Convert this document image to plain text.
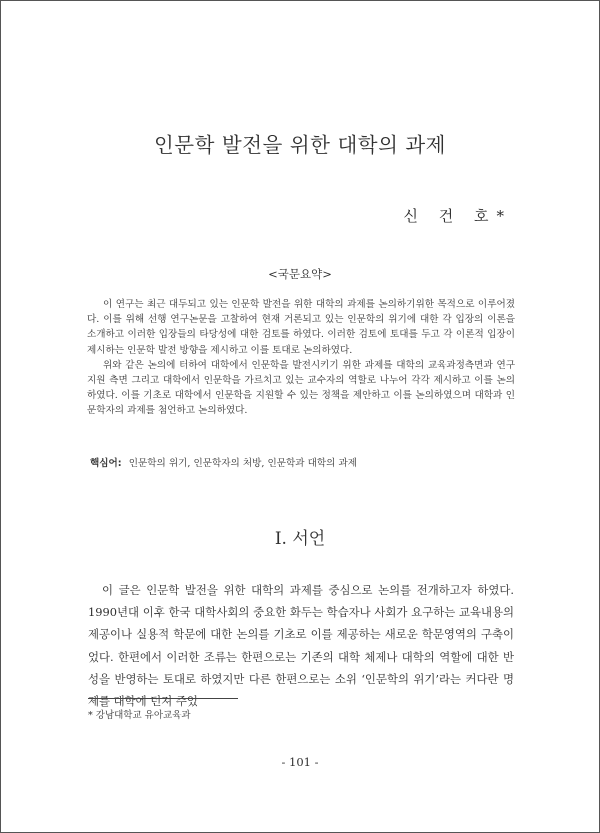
인문학 발전을 위한 대학의 과제
신 건 호*
<국문요약>

이 연구는 최근 대두되고 있는 인문학 발전을 위한 대학의 과제를 논의하기위한 목적으로 이루어졌다. 이를 위해 선행 연구논문을 고찰하여 현재 거론되고 있는 인문학의 위기에 대한 각 입장의 이론을 소개하고 이러한 입장들의 타당성에 대한 검토를 하였다. 이러한 검토에 토대를 두고 각 이론적 입장이 제시하는 인문학 발전 방향을 제시하고 이를 토대로 논의하였다.

위와 같은 논의에 터하여 대학에서 인문학을 발전시키기 위한 과제를 대학의 교육과정측면과 연구지원 측면 그리고 대학에서 인문학을 가르치고 있는 교수자의 역할로 나누어 각각 제시하고 이를 논의하였다. 이를 기초로 대학에서 인문학을 지원할 수 있는 정책을 제안하고 이를 논의하였으며 대학과 인문학자의 과제를 첨언하고 논의하였다.

핵심어: 인문학의 위기, 인문학자의 처방, 인문학과 대학의 과제
I. 서언

이 글은 인문학 발전을 위한 대학의 과제를 중심으로 논의를 전개하고자 하였다. 1990년대 이후 한국 대학사회의 중요한 화두는 학습자나 사회가 요구하는 교육내용의 제공이나 실용적 학문에 대한 논의를 기초로 이를 제공하는 새로운 학문영역의 구축이었다. 한편에서 이러한 조류는 한편으로는 기존의 대학 체제나 대학의 역할에 대한 반성을 반영하는 토대로 하였지만 다른 한편으로는 소위 ‘인문학의 위기’라는 커다란 명제를 대학에 던져 주었

* 강남대학교 유아교육과
- 101 -
